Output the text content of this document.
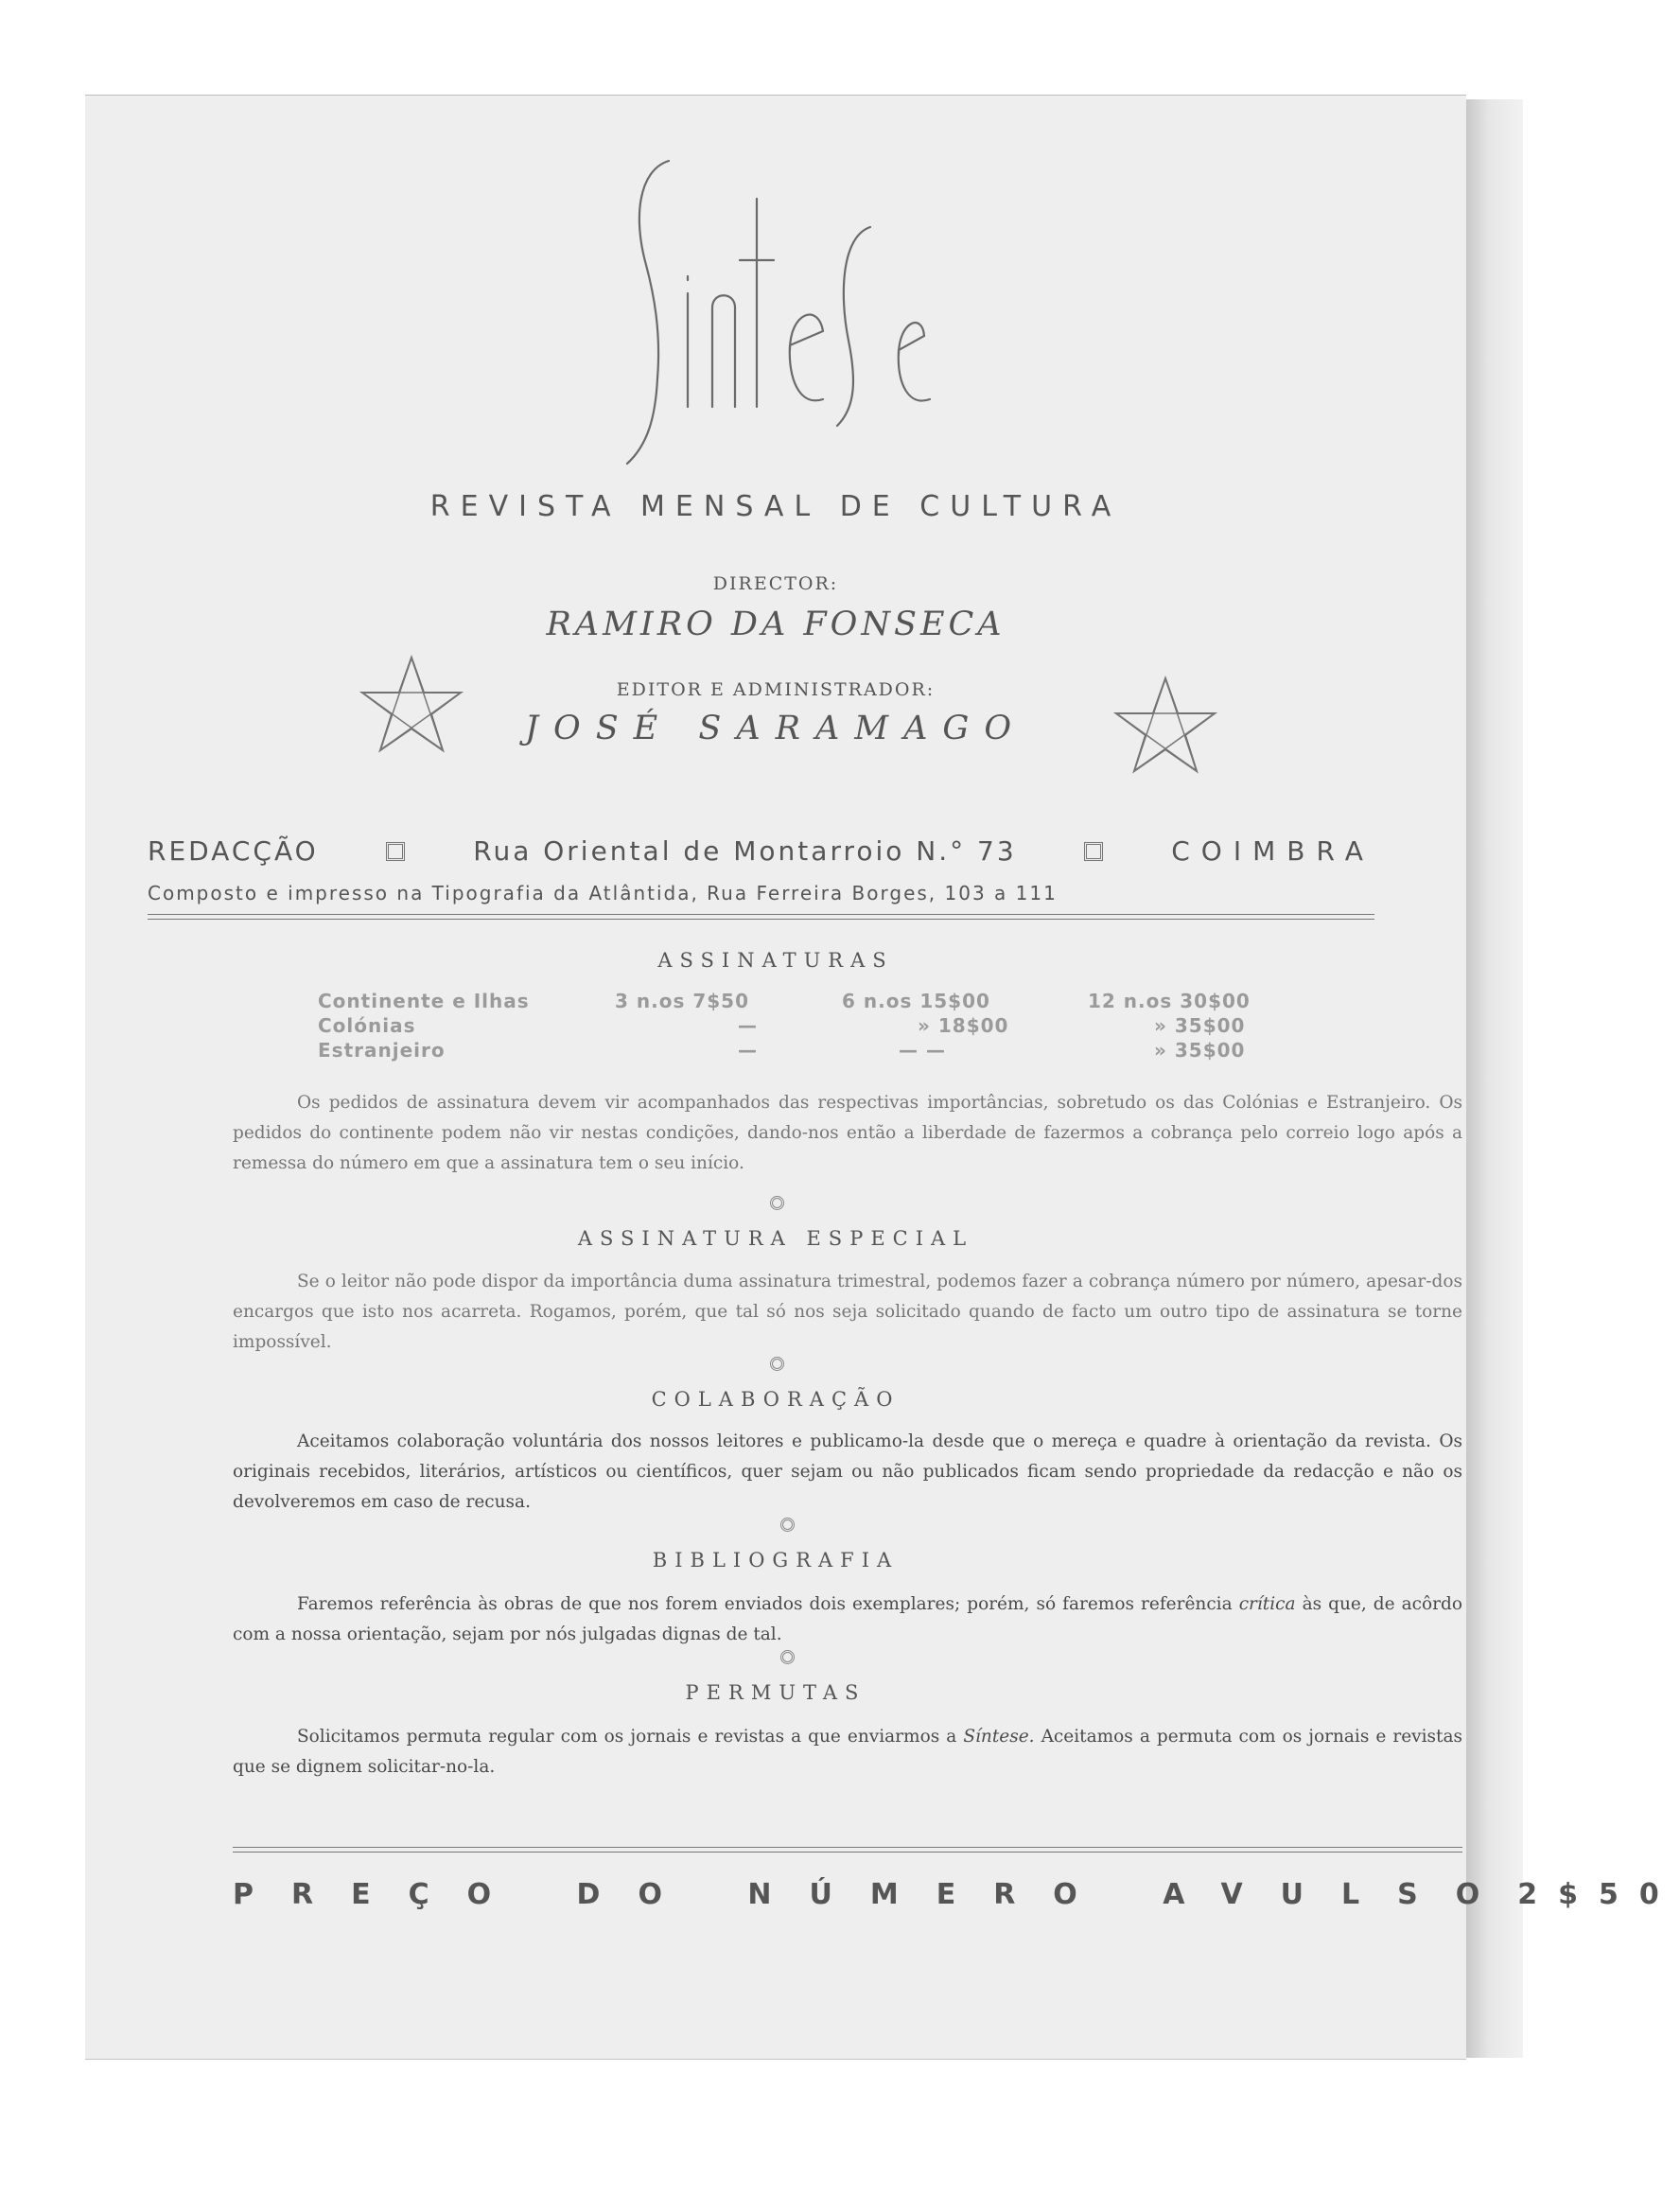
REVISTA MENSAL DE CULTURA
DIRECTOR:
RAMIRO DA FONSECA
EDITOR E ADMINISTRADOR:
JOSÉ SARAMAGO
REDACÇÃO	Rua Oriental de Montarroio N.° 73	COIMBRA
Composto e impresso na Tipografia da Atlântida, Rua Ferreira Borges, 103 a 111
ASSINATURAS
Continente e Ilhas	3 n.os 7$50	6 n.os 15$00	12 n.os 30$00
Colónias	—	» 18$00	» 35$00
Estranjeiro	—	— —	» 35$00

Os pedidos de assinatura devem vir acompanhados das respectivas importâncias, sobretudo os das Colónias e Estranjeiro. Os pedidos do continente podem não vir nestas condições, dando-nos então a liberdade de fazermos a cobrança pelo correio logo após a remessa do número em que a assinatura tem o seu início.

ASSINATURA ESPECIAL

Se o leitor não pode dispor da importância duma assinatura trimestral, podemos fazer a cobrança número por número, apesar-dos encargos que isto nos acarreta. Rogamos, porém, que tal só nos seja solicitado quando de facto um outro tipo de assinatura se torne impossível.

COLABORAÇÃO

Aceitamos colaboração voluntária dos nossos leitores e publicamo-la desde que o mereça e quadre à orientação da revista. Os originais recebidos, literários, artísticos ou científicos, quer sejam ou não publicados ficam sendo propriedade da redacção e não os devolveremos em caso de recusa.

BIBLIOGRAFIA

Faremos referência às obras de que nos forem enviados dois exemplares; porém, só faremos referência crítica às que, de acôrdo com a nossa orientação, sejam por nós julgadas dignas de tal.

PERMUTAS

Solicitamos permuta regular com os jornais e revistas a que enviarmos a Síntese. Aceitamos a permuta com os jornais e revistas que se dignem solicitar-no-la.

PREÇO DO NÚMERO AVULSO 2$50
